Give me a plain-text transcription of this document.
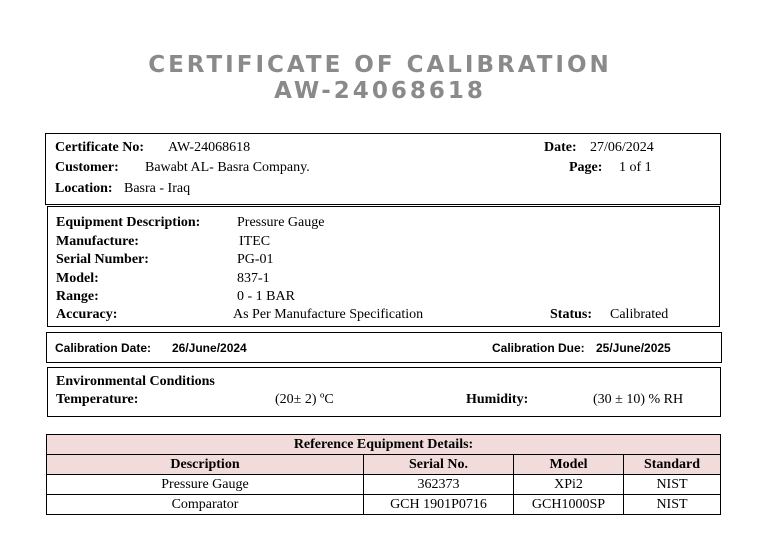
CERTIFICATE OF CALIBRATION
AW-24068618
Certificate No: AW-24068618
Customer: Bawabt AL- Basra Company.
Location: Basra - Iraq
Date: 27/06/2024
Page: 1 of 1
Equipment Description:	Pressure Gauge
Manufacture:	ITEC
Serial Number:	PG-01
Model:	837-1
Range:	0 - 1 BAR
Accuracy:	As Per Manufacture Specification	Status: Calibrated
Calibration Date: 26/June/2024	Calibration Due: 25/June/2025
Environmental Conditions
Temperature:	(20± 2) ºC	Humidity:	(30 ± 10) % RH
Reference Equipment Details:			
Description	Serial No.	Model	Standard
Pressure Gauge	362373	XPi2	NIST
Comparator	GCH 1901P0716	GCH1000SP	NIST
